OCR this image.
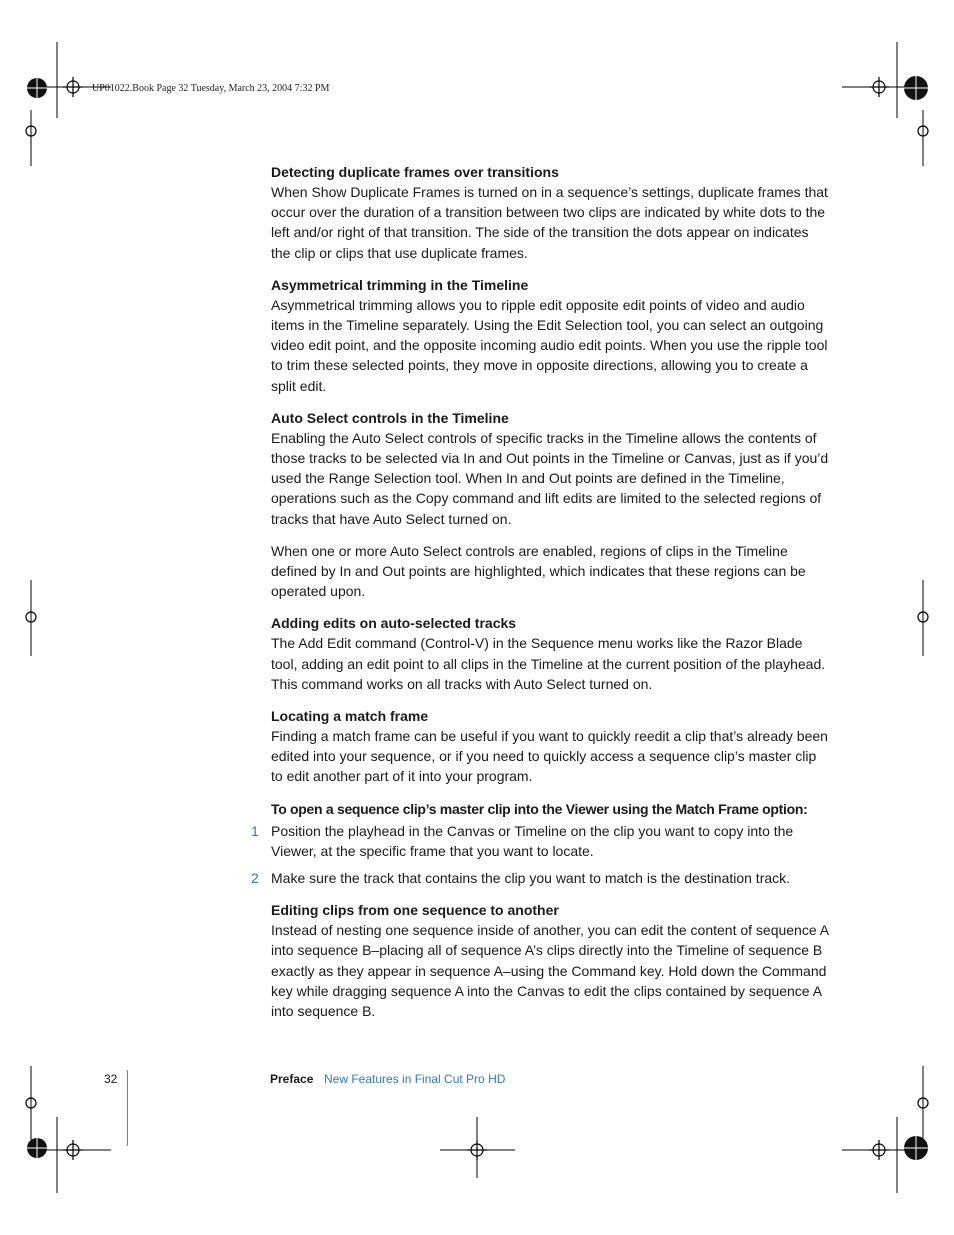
UP01022.Book Page 32 Tuesday, March 23, 2004 7:32 PM
Detecting duplicate frames over transitions
When Show Duplicate Frames is turned on in a sequence’s settings, duplicate frames that occur over the duration of a transition between two clips are indicated by white dots to the left and/or right of that transition. The side of the transition the dots appear on indicates the clip or clips that use duplicate frames.
Asymmetrical trimming in the Timeline
Asymmetrical trimming allows you to ripple edit opposite edit points of video and audio items in the Timeline separately. Using the Edit Selection tool, you can select an outgoing video edit point, and the opposite incoming audio edit points. When you use the ripple tool to trim these selected points, they move in opposite directions, allowing you to create a split edit.
Auto Select controls in the Timeline
Enabling the Auto Select controls of specific tracks in the Timeline allows the contents of those tracks to be selected via In and Out points in the Timeline or Canvas, just as if you’d used the Range Selection tool. When In and Out points are defined in the Timeline, operations such as the Copy command and lift edits are limited to the selected regions of tracks that have Auto Select turned on.
When one or more Auto Select controls are enabled, regions of clips in the Timeline defined by In and Out points are highlighted, which indicates that these regions can be operated upon.
Adding edits on auto-selected tracks
The Add Edit command (Control-V) in the Sequence menu works like the Razor Blade tool, adding an edit point to all clips in the Timeline at the current position of the playhead. This command works on all tracks with Auto Select turned on.
Locating a match frame
Finding a match frame can be useful if you want to quickly reedit a clip that’s already been edited into your sequence, or if you need to quickly access a sequence clip’s master clip to edit another part of it into your program.
To open a sequence clip’s master clip into the Viewer using the Match Frame option:
1 Position the playhead in the Canvas or Timeline on the clip you want to copy into the Viewer, at the specific frame that you want to locate.
2 Make sure the track that contains the clip you want to match is the destination track.
Editing clips from one sequence to another
Instead of nesting one sequence inside of another, you can edit the content of sequence A into sequence B–placing all of sequence A’s clips directly into the Timeline of sequence B exactly as they appear in sequence A–using the Command key. Hold down the Command key while dragging sequence A into the Canvas to edit the clips contained by sequence A into sequence B.
32	Preface New Features in Final Cut Pro HD
